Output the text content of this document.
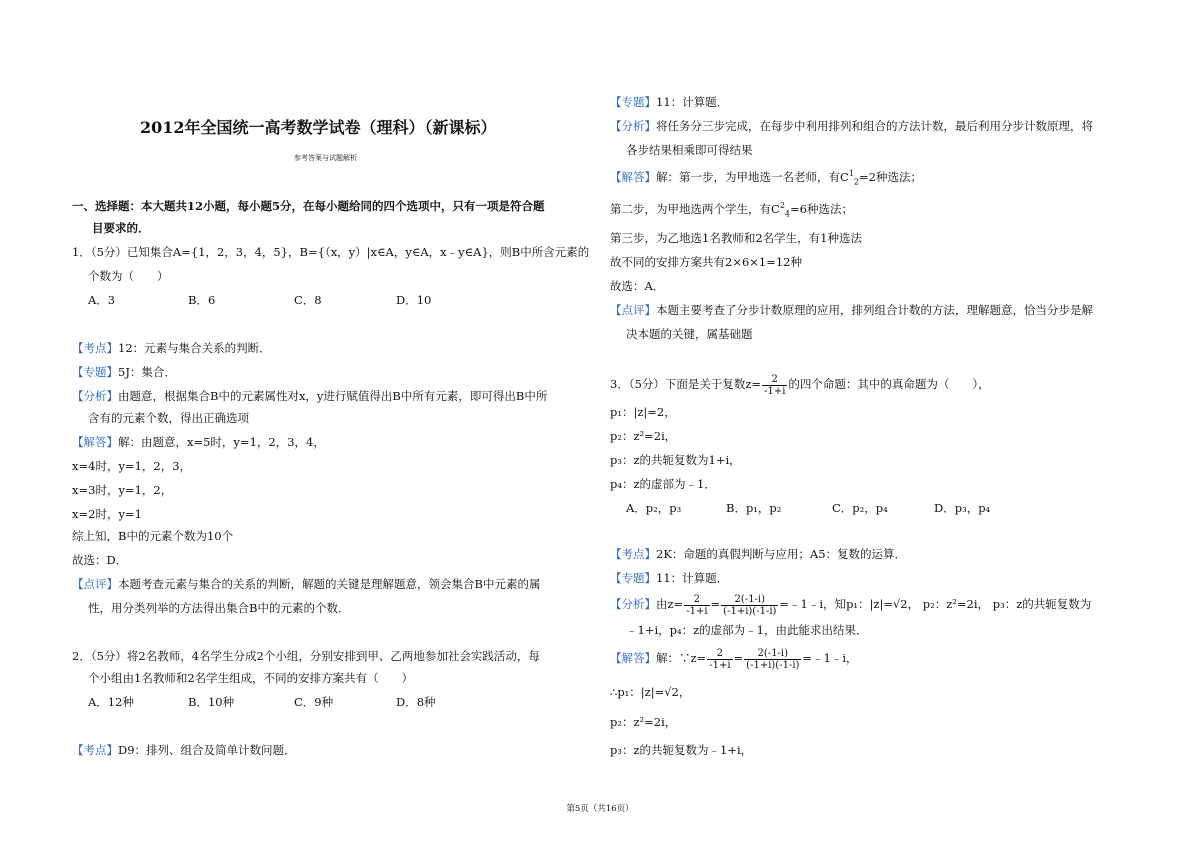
2012年全国统一高考数学试卷（理科）（新课标）
参考答案与试题解析
一、选择题：本大题共12小题，每小题5分，在每小题给同的四个选项中，只有一项是符合题
目要求的．
1．（5分）已知集合A={1，2，3，4，5}，B={（x，y）|x∈A，y∈A，x﹣y∈A}，则B中所含元素的
个数为（　　）
A．3	B．6	C．8	D．10
【考点】12：元素与集合关系的判断．
【专题】5J：集合．
【分析】由题意，根据集合B中的元素属性对x，y进行赋值得出B中所有元素，即可得出B中所
含有的元素个数，得出正确选项
【解答】解：由题意，x=5时，y=1，2，3，4，
x=4时，y=1，2，3，
x=3时，y=1，2，
x=2时，y=1
综上知，B中的元素个数为10个
故选：D．
【点评】本题考查元素与集合的关系的判断，解题的关键是理解题意，领会集合B中元素的属
性，用分类列举的方法得出集合B中的元素的个数．
2．（5分）将2名教师，4名学生分成2个小组，分别安排到甲、乙两地参加社会实践活动，每
个小组由1名教师和2名学生组成，不同的安排方案共有（　　）
A．12种	B．10种	C．9种	D．8种
【考点】D9：排列、组合及简单计数问题．
【专题】11：计算题．
【分析】将任务分三步完成，在每步中利用排列和组合的方法计数，最后利用分步计数原理，将
各步结果相乘即可得结果
【解答】解：第一步，为甲地选一名老师，有$C^1_2=2$种选法；
第二步，为甲地选两个学生，有$C^2_4=6$种选法；
第三步，为乙地选1名教师和2名学生，有1种选法
故不同的安排方案共有2×6×1=12种
故选：A．
【点评】本题主要考查了分步计数原理的应用，排列组合计数的方法，理解题意，恰当分步是解
决本题的关键，属基础题
3．（5分）下面是关于复数$z= \frac{2}{-1+i}$ 的四个命题：其中的真命题为（　　），
p₁：|z|=2，
p₂：z²=2i，
p₃：z的共轭复数为1+i，
p₄：z的虚部为﹣1．
A．p₂，p₃	B．p₁，p₂	C．p₂，p₄	D．p₃，p₄
【考点】2K：命题的真假判断与应用；A5：复数的运算．
【专题】11：计算题．
【分析】由$z= \frac{2}{-1+i} = \frac{2(-1-i)}{(-1+i)(-1-i)}$ =﹣1﹣i，知p₁：|z|=√2， p₂：z²=2i， p₃：z的共轭复数为
﹣1+i，p₄：z的虚部为﹣1，由此能求出结果．
【解答】解：∵z= $\frac{2}{-1+i} = \frac{2(-1-i)}{(-1+i)(-1-i)}$ =﹣1﹣i，
∴p₁：|z|=√2，
p₂：z²=2i，
p₃：z的共轭复数为﹣1+i，
第5页（共16页）
